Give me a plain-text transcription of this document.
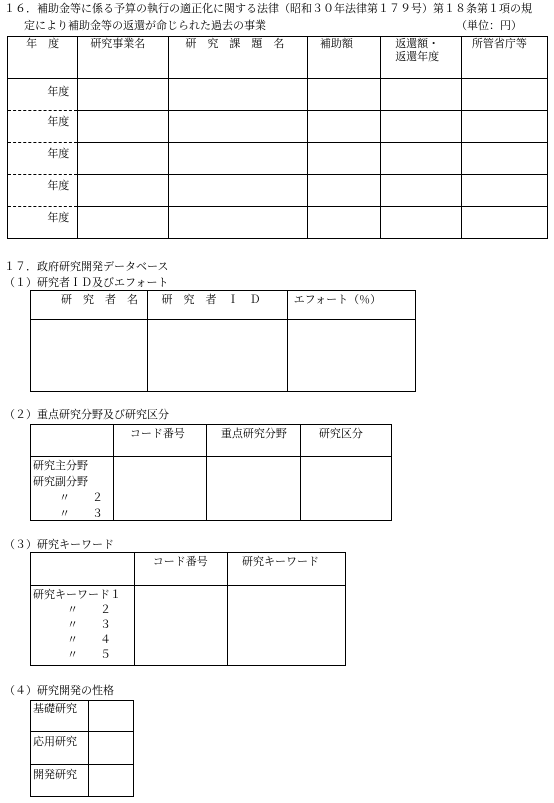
１６．補助金等に係る予算の執行の適正化に関する法律（昭和３０年法律第１７９号）第１８条第１項の規
定により補助金等の返還が命じられた過去の事業	（単位：円）
年　度	研究事業名	研　究　課　題　名	補助額	返還額・
返還年度	所管省庁等

年度					

年度					

年度					

年度					

年度					

１７．政府研究開発データベース
（１）研究者ＩＤ及びエフォート
研　究　者　名	研　究　者　Ｉ　Ｄ	エフォート（％）

（２）重点研究分野及び研究区分

	コード番号	重点研究分野	研究区分

研究主分野
研究副分野
〃　　２
〃　　３			

（３）研究キーワード

	コード番号	研究キーワード

研究キーワード１
〃　　２
〃　　３
〃　　４
〃　　５		

（４）研究開発の性格
基礎研究	

応用研究	

開発研究	
